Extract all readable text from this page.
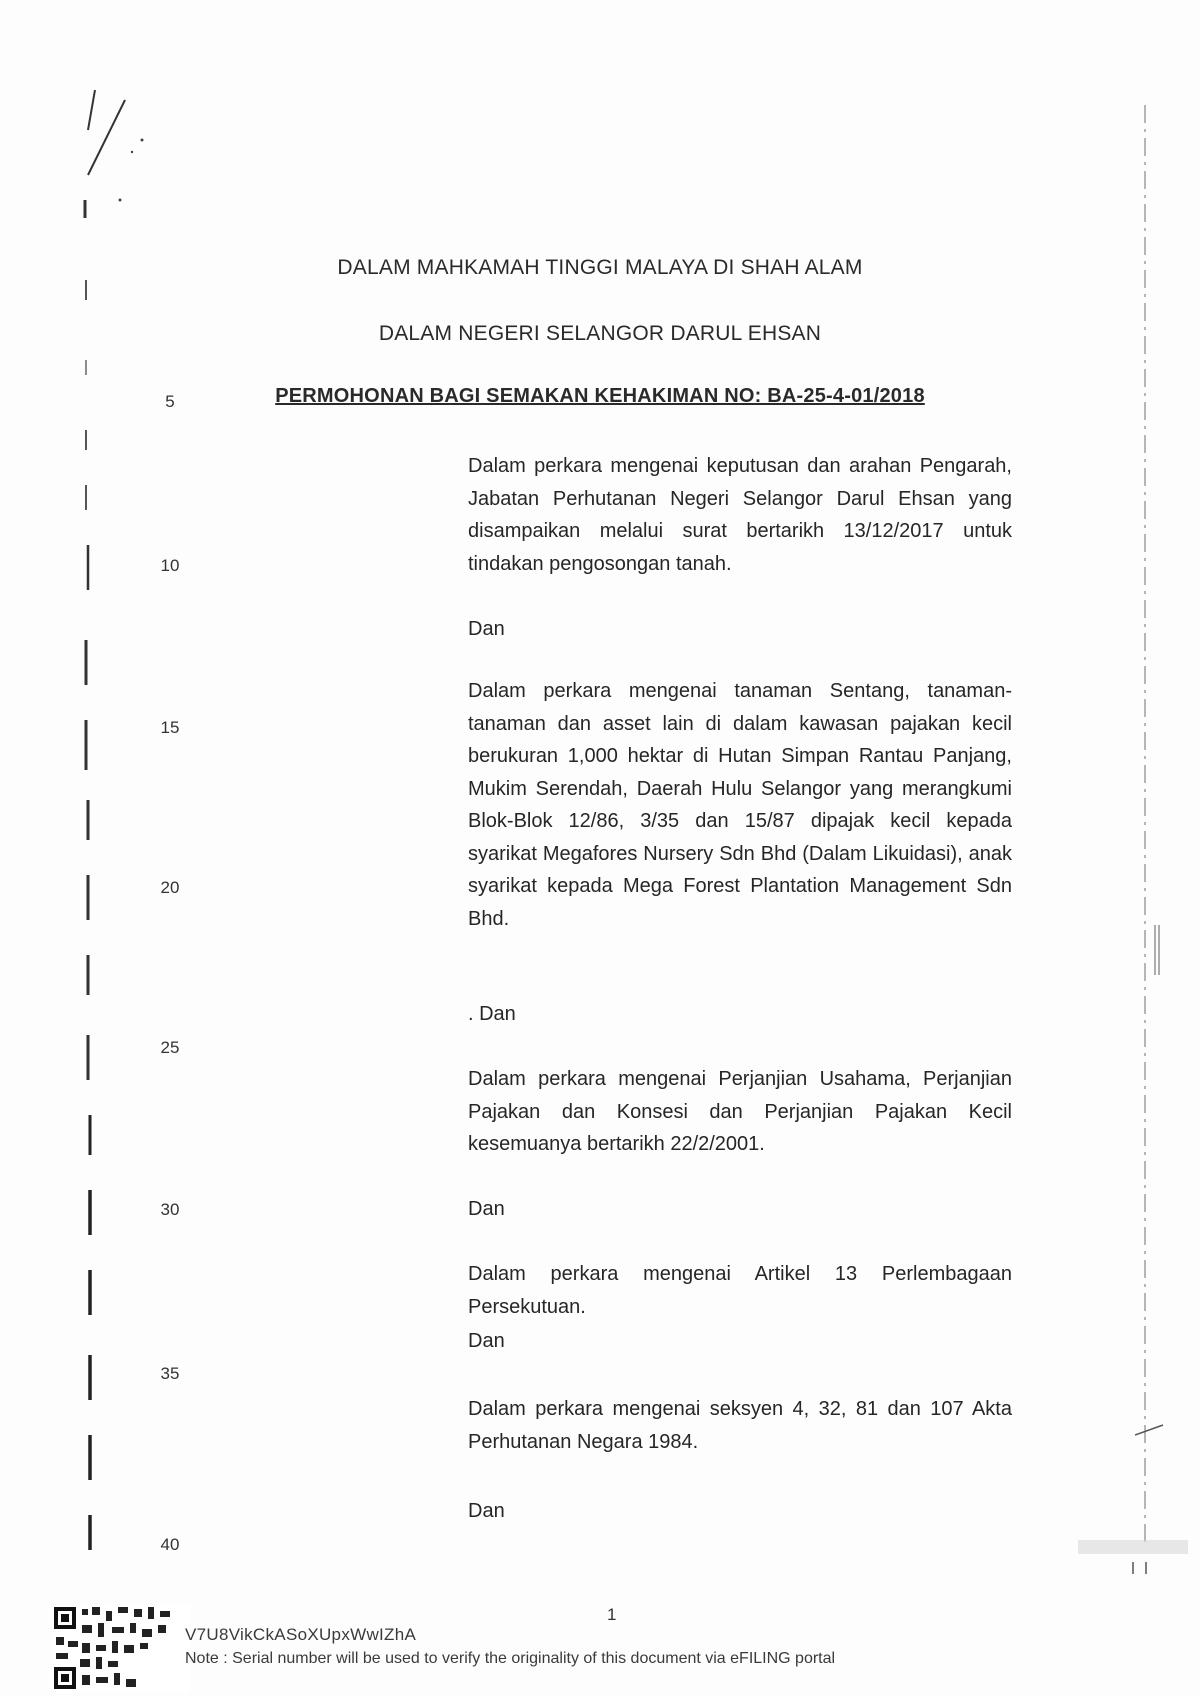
DALAM MAHKAMAH TINGGI MALAYA DI SHAH ALAM
DALAM NEGERI SELANGOR DARUL EHSAN
PERMOHONAN BAGI SEMAKAN KEHAKIMAN NO: BA-25-4-01/2018
5
10
15
20
25
30
35
40
Dalam perkara mengenai keputusan dan arahan Pengarah, Jabatan Perhutanan Negeri Selangor Darul Ehsan yang disampaikan melalui surat bertarikh 13/12/2017 untuk tindakan pengosongan tanah.
Dan
Dalam perkara mengenai tanaman Sentang, tanaman-tanaman dan asset lain di dalam kawasan pajakan kecil berukuran 1,000 hektar di Hutan Simpan Rantau Panjang, Mukim Serendah, Daerah Hulu Selangor yang merangkumi Blok-Blok 12/86, 3/35 dan 15/87 dipajak kecil kepada syarikat Megafores Nursery Sdn Bhd (Dalam Likuidasi), anak syarikat kepada Mega Forest Plantation Management Sdn Bhd.
. Dan
Dalam perkara mengenai Perjanjian Usahama, Perjanjian Pajakan dan Konsesi dan Perjanjian Pajakan Kecil kesemuanya bertarikh 22/2/2001.
Dan
Dalam perkara mengenai Artikel 13 Perlembagaan Persekutuan.
Dan
Dalam perkara mengenai seksyen 4, 32, 81 dan 107 Akta Perhutanan Negara 1984.
Dan
1
V7U8VikCkASoXUpxWwIZhA
Note : Serial number will be used to verify the originality of this document via eFILING portal
